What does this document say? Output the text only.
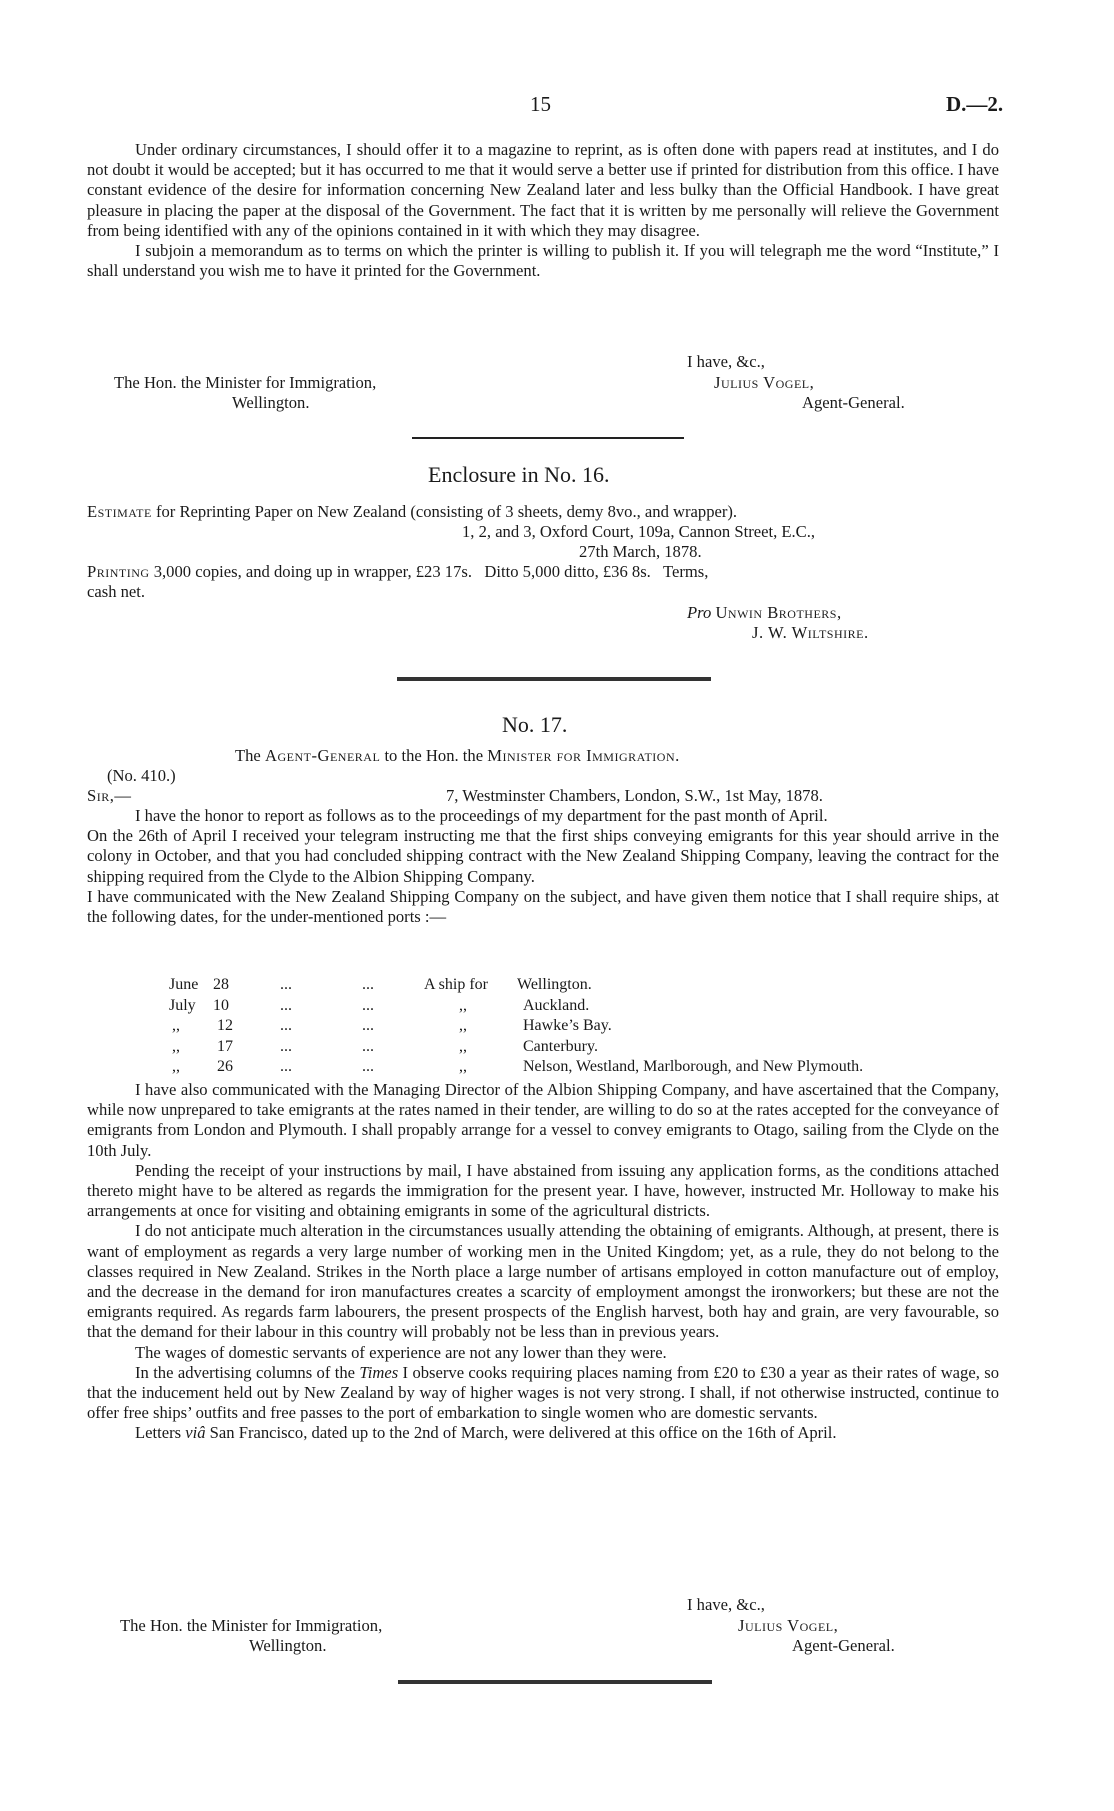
15	D.—2.

Under ordinary circumstances, I should offer it to a magazine to reprint, as is often done with papers read at institutes, and I do not doubt it would be accepted; but it has occurred to me that it would serve a better use if printed for distribution from this office. I have constant evidence of the desire for information concerning New Zealand later and less bulky than the Official Handbook. I have great pleasure in placing the paper at the disposal of the Government. The fact that it is written by me personally will relieve the Government from being identified with any of the opinions contained in it with which they may disagree.

I subjoin a memorandum as to terms on which the printer is willing to publish it. If you will telegraph me the word “Institute,” I shall understand you wish me to have it printed for the Government.

I have, &c.,
The Hon. the Minister for Immigration,	Julius Vogel,
Wellington.	Agent-General.
Enclosure in No. 16.
Estimate for Reprinting Paper on New Zealand (consisting of 3 sheets, demy 8vo., and wrapper).
1, 2, and 3, Oxford Court, 109a, Cannon Street, E.C.,
27th March, 1878.
Printing 3,000 copies, and doing up in wrapper, £23 17s.   Ditto 5,000 ditto, £36 8s.   Terms,
cash net.
Pro Unwin Brothers,
J. W. Wiltshire.
No. 17.
The Agent-General to the Hon. the Minister for Immigration.
(No. 410.)
Sir,—	7, Westminster Chambers, London, S.W., 1st May, 1878.

I have the honor to report as follows as to the proceedings of my department for the past month of April.

On the 26th of April I received your telegram instructing me that the first ships conveying emigrants for this year should arrive in the colony in October, and that you had concluded shipping contract with the New Zealand Shipping Company, leaving the contract for the shipping required from the Clyde to the Albion Shipping Company.

I have communicated with the New Zealand Shipping Company on the subject, and have given them notice that I shall require ships, at the following dates, for the under-mentioned ports :—

June 28	...	...	A ship for Wellington.
July 10	...	...	,,	Auckland.
,, 12	...	...	,,	Hawke’s Bay.
,, 17	...	...	,,	Canterbury.
,, 26	...	...	,,	Nelson, Westland, Marlborough, and New Plymouth.

I have also communicated with the Managing Director of the Albion Shipping Company, and have ascertained that the Company, while now unprepared to take emigrants at the rates named in their tender, are willing to do so at the rates accepted for the conveyance of emigrants from London and Plymouth. I shall propably arrange for a vessel to convey emigrants to Otago, sailing from the Clyde on the 10th July.

Pending the receipt of your instructions by mail, I have abstained from issuing any application forms, as the conditions attached thereto might have to be altered as regards the immigration for the present year. I have, however, instructed Mr. Holloway to make his arrangements at once for visiting and obtaining emigrants in some of the agricultural districts.

I do not anticipate much alteration in the circumstances usually attending the obtaining of emigrants. Although, at present, there is want of employment as regards a very large number of working men in the United Kingdom; yet, as a rule, they do not belong to the classes required in New Zealand. Strikes in the North place a large number of artisans employed in cotton manufacture out of employ, and the decrease in the demand for iron manufactures creates a scarcity of employment amongst the ironworkers; but these are not the emigrants required. As regards farm labourers, the present prospects of the English harvest, both hay and grain, are very favourable, so that the demand for their labour in this country will probably not be less than in previous years.

The wages of domestic servants of experience are not any lower than they were.

In the advertising columns of the Times I observe cooks requiring places naming from £20 to £30 a year as their rates of wage, so that the inducement held out by New Zealand by way of higher wages is not very strong. I shall, if not otherwise instructed, continue to offer free ships’ outfits and free passes to the port of embarkation to single women who are domestic servants.

Letters viâ San Francisco, dated up to the 2nd of March, were delivered at this office on the 16th of April.

I have, &c.,
The Hon. the Minister for Immigration,	Julius Vogel,
Wellington.	Agent-General.
